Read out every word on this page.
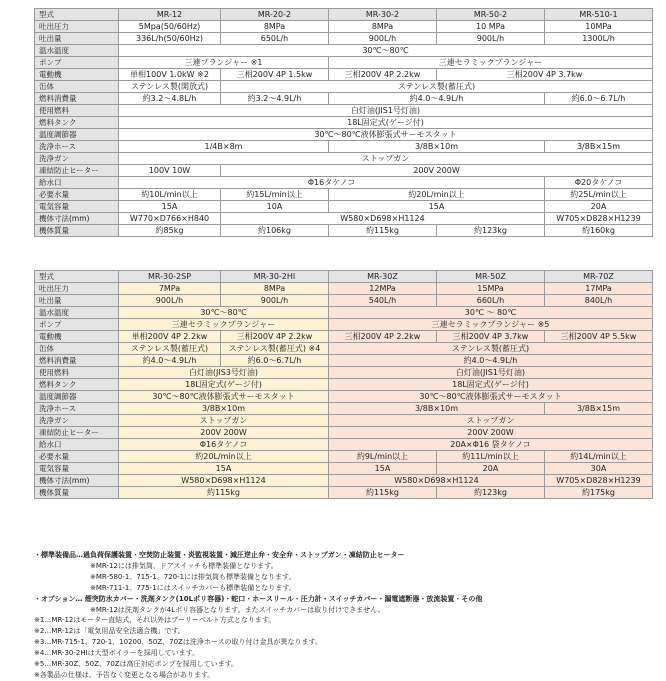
型式	MR-12	MR-20-2	MR-30-2	MR-50-2	MR-510-1
吐出圧力	5Mpa(50/60Hz)	8MPa	8MPa	10 MPa	10MPa
吐出量	336L/h(50/60Hz)	650L/h	900L/h	900L/h	1300L/h
温水温度	30℃～80℃				
ポンプ	三連プランジャー ※1		三連セラミックプランジャー		
電動機	単相100V 1.0kW ※2	三相200V 4P 1.5kw	三相200V 4P 2.2kw	三相200V 4P 3.7kw	
缶体	ステンレス製(開放式)	ステンレス製(蓄圧式)			
燃料消費量	約3.2～4.8L/h	約3.2～4.9L/h	約4.0～4.9L/h		約6.0～6.7L/h
使用燃料	白灯油(JIS1号灯油)				
燃料タンク	18L固定式(ゲージ付)				
温度調節器	30℃～80℃液体膨張式サーモスタット				
洗浄ホース	1/4B×8m		3/8B×10m		3/8B×15m
洗浄ガン	ストップガン				
凍結防止ヒーター	100V 10W	200V 200W			
給水口	Φ16タケノコ				Φ20タケノコ
必要水量	約10L/min以上	約15L/min以上	約20L/min以上		約25L/min以上
電気容量	15A	10A	15A		20A
機体寸法(mm)	W770×D766×H840	W580×D698×H1124			W705×D828×H1239
機体質量	約85kg	約106kg	約115kg	約123kg	約160kg
型式	MR-30-2SP	MR-30-2HI	MR-30Z	MR-50Z	MR-70Z
吐出圧力	7MPa	8MPa	12MPa	15MPa	17MPa
吐出量	900L/h	900L/h	540L/h	660L/h	840L/h
温水温度	30℃～80℃		30℃ ～ 80℃		
ポンプ	三連セラミックプランジャー		三連セラミックプランジャー ※5		
電動機	単相200V 4P 2.2kw	三相200V 4P 2.2kw	三相200V 4P 2.2kw	三相200V 4P 3.7kw	三相200V 4P 5.5kw
缶体	ステンレス製(蓄圧式)	ステンレス製(蓄圧式) ※4	ステンレス製(蓄圧式)		
燃料消費量	約4.0～4.9L/h	約6.0～6.7L/h	約4.0～4.9L/h		
使用燃料	白灯油(JIS3号灯油)		白灯油(JIS1号灯油)		
燃料タンク	18L固定式(ゲージ付)		18L固定式(ゲージ付)		
温度調節器	30℃～80℃液体膨張式サーモスタット		30℃～80℃液体膨張式サーモスタット		
洗浄ホース	3/8B×10m		3/8B×10m		3/8B×15m
洗浄ガン	ストップガン		ストップガン		
凍結防止ヒーター	200V 200W		200V 200W		
給水口	Φ16タケノコ		20A×Φ16 袋タケノコ		
必要水量	約20L/min以上		約9L/min以上	約11L/min以上	約14L/min以上
電気容量	15A		15A	20A	30A
機体寸法(mm)	W580×D698×H1124		W580×D698×H1124		W705×D828×H1239
機体質量	約115kg		約115kg	約123kg	約175kg
・標準装備品…過負荷保護装置・空焚防止装置・炎監視装置・減圧逆止弁・安全弁・ストップガン・凍結防止ヒーター
※MR-12には排気筒、ドアスイッチも標準装備となります。
※MR-580-1、715-1、720-1には排気筒も標準装備となります。
※MR-711-1、775-1にはスイッチカバーも標準装備となります。
・オプション… 煙突防水カバー・洗剤タンク(10Lポリ容器)・蛇口・ホースリール・圧力計・スイッチカバー・漏電遮断器・放流装置・その他
※MR-12は洗剤タンクが4Lポリ容器となります。またスイッチカバーは取り付けできません。
※1…MR-12はモーター直結式、それ以外はプーリーベルト方式となります。
※2…MR-12は「電気用品安全法適合機」です。
※3…MR-715-1、720-1、10200、50Z、70Zは洗浄ホースの取り付け金具が異なります。
※4…MR-30-2HIは大型ボイラーを採用しています。
※5…MR-30Z、50Z、70Zは高圧対応ポンプを採用しています。
※各製品の仕様は、予告なく変更となる場合があります。
